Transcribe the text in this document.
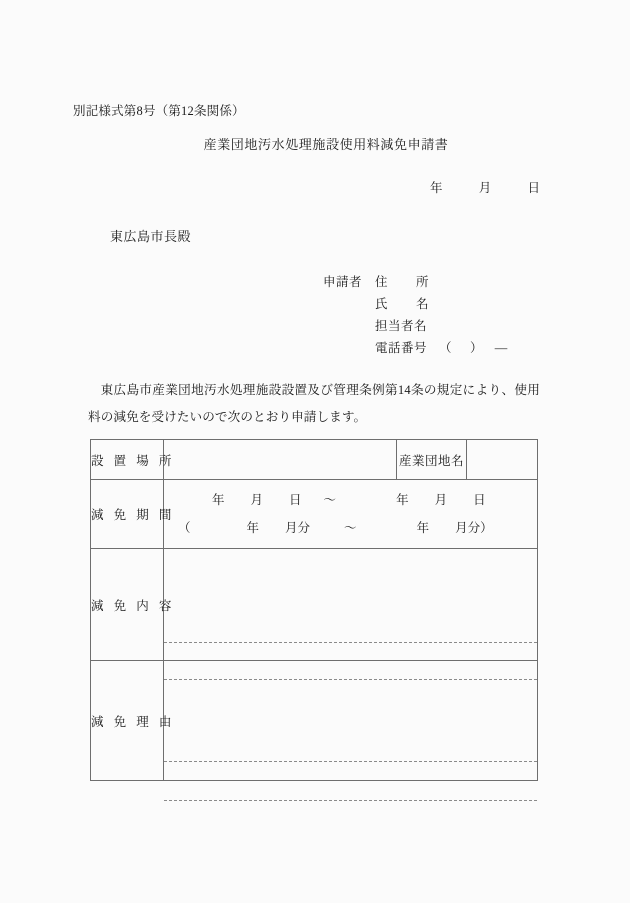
別記様式第8号（第12条関係）
産業団地汚水処理施設使用料減免申請書
年	月	日
東広島市長殿
申請者	住　所
氏　名
担当者名
電話番号 （　）　―
東広島市産業団地汚水処理施設設置及び管理条例第14条の規定により、使用料の減免を受けたいので次のとおり申請します。
設 置 場 所		産業団地名	
減 免 期 間	年 月 日 ～ 年 月 日
（ 年 月分 ～ 年 月分）		

減 免 内 容			

減 免 理 由			
